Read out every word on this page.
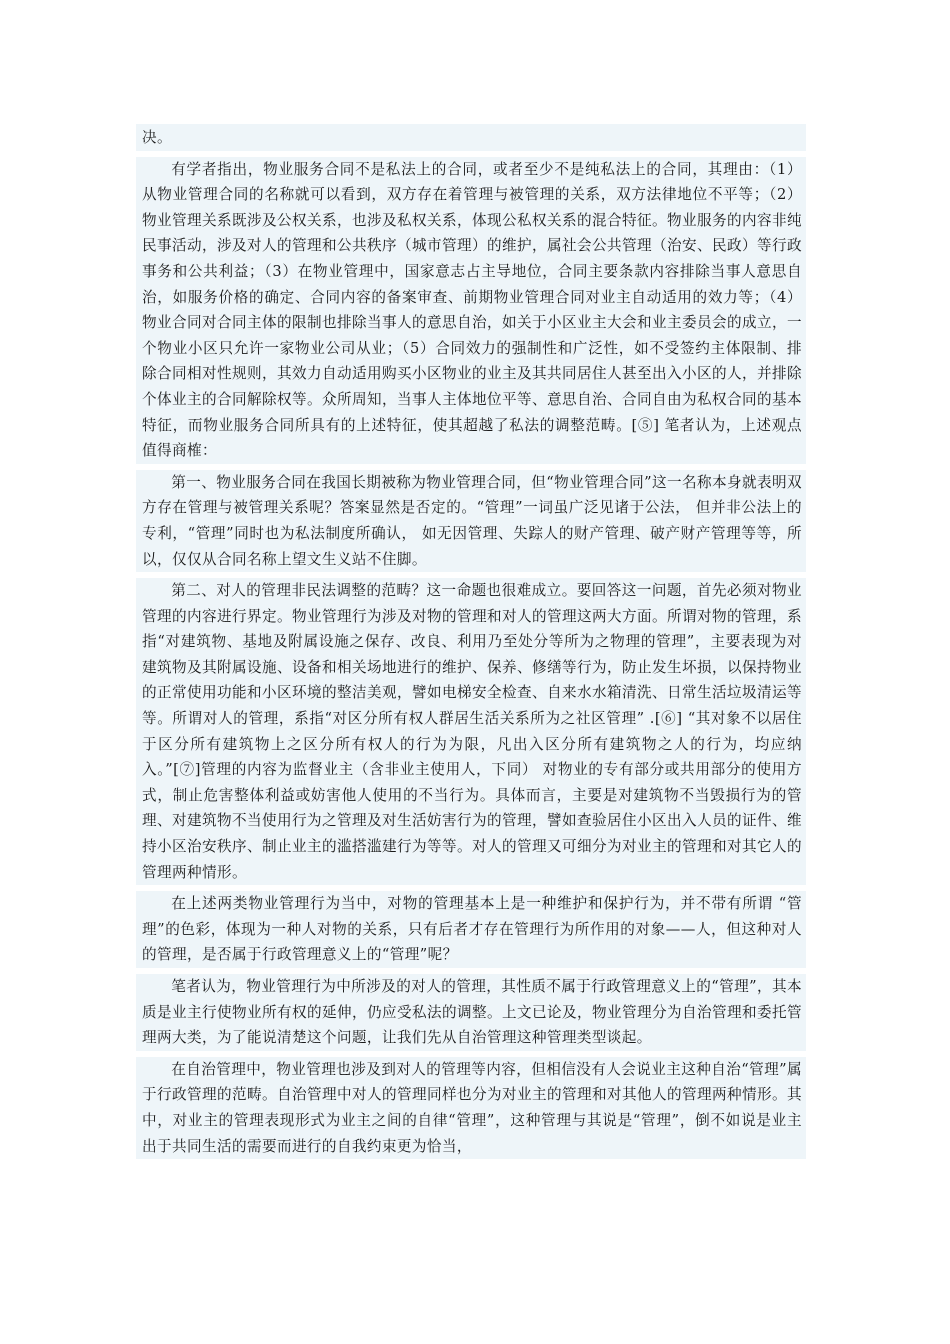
决。

有学者指出，物业服务合同不是私法上的合同，或者至少不是纯私法上的合同，其理由：（1）从物业管理合同的名称就可以看到，双方存在着管理与被管理的关系，双方法律地位不平等；（2）物业管理关系既涉及公权关系，也涉及私权关系，体现公私权关系的混合特征。物业服务的内容非纯民事活动，涉及对人的管理和公共秩序（城市管理）的维护，属社会公共管理（治安、民政）等行政事务和公共利益；（3）在物业管理中，国家意志占主导地位，合同主要条款内容排除当事人意思自治，如服务价格的确定、合同内容的备案审查、前期物业管理合同对业主自动适用的效力等；（4）物业合同对合同主体的限制也排除当事人的意思自治，如关于小区业主大会和业主委员会的成立，一个物业小区只允许一家物业公司从业；（5）合同效力的强制性和广泛性，如不受签约主体限制、排除合同相对性规则，其效力自动适用购买小区物业的业主及其共同居住人甚至出入小区的人，并排除个体业主的合同解除权等。众所周知，当事人主体地位平等、意思自治、合同自由为私权合同的基本特征，而物业服务合同所具有的上述特征，使其超越了私法的调整范畴。[⑤] 笔者认为，上述观点值得商榷：

第一、物业服务合同在我国长期被称为物业管理合同，但“物业管理合同”这一名称本身就表明双方存在管理与被管理关系呢？答案显然是否定的。“管理”一词虽广泛见诸于公法， 但并非公法上的专利，“管理”同时也为私法制度所确认， 如无因管理、失踪人的财产管理、破产财产管理等等，所以，仅仅从合同名称上望文生义站不住脚。

第二、对人的管理非民法调整的范畴？这一命题也很难成立。要回答这一问题，首先必须对物业管理的内容进行界定。物业管理行为涉及对物的管理和对人的管理这两大方面。所谓对物的管理，系指“对建筑物、基地及附属设施之保存、改良、利用乃至处分等所为之物理的管理”，主要表现为对建筑物及其附属设施、设备和相关场地进行的维护、保养、修缮等行为，防止发生坏损，以保持物业的正常使用功能和小区环境的整洁美观，譬如电梯安全检查、自来水水箱清洗、日常生活垃圾清运等等。所谓对人的管理，系指“对区分所有权人群居生活关系所为之社区管理” .[⑥] “其对象不以居住于区分所有建筑物上之区分所有权人的行为为限，凡出入区分所有建筑物之人的行为，均应纳入。”[⑦]管理的内容为监督业主（含非业主使用人，下同） 对物业的专有部分或共用部分的使用方式，制止危害整体利益或妨害他人使用的不当行为。具体而言，主要是对建筑物不当毁损行为的管理、对建筑物不当使用行为之管理及对生活妨害行为的管理，譬如查验居住小区出入人员的证件、维持小区治安秩序、制止业主的滥搭滥建行为等等。对人的管理又可细分为对业主的管理和对其它人的管理两种情形。

在上述两类物业管理行为当中，对物的管理基本上是一种维护和保护行为，并不带有所谓 “管理”的色彩，体现为一种人对物的关系，只有后者才存在管理行为所作用的对象——人，但这种对人的管理，是否属于行政管理意义上的“管理”呢？

笔者认为，物业管理行为中所涉及的对人的管理，其性质不属于行政管理意义上的“管理”，其本质是业主行使物业所有权的延伸，仍应受私法的调整。上文已论及，物业管理分为自治管理和委托管理两大类，为了能说清楚这个问题，让我们先从自治管理这种管理类型谈起。

在自治管理中，物业管理也涉及到对人的管理等内容，但相信没有人会说业主这种自治“管理”属于行政管理的范畴。自治管理中对人的管理同样也分为对业主的管理和对其他人的管理两种情形。其中，对业主的管理表现形式为业主之间的自律“管理”，这种管理与其说是“管理”，倒不如说是业主出于共同生活的需要而进行的自我约束更为恰当，
